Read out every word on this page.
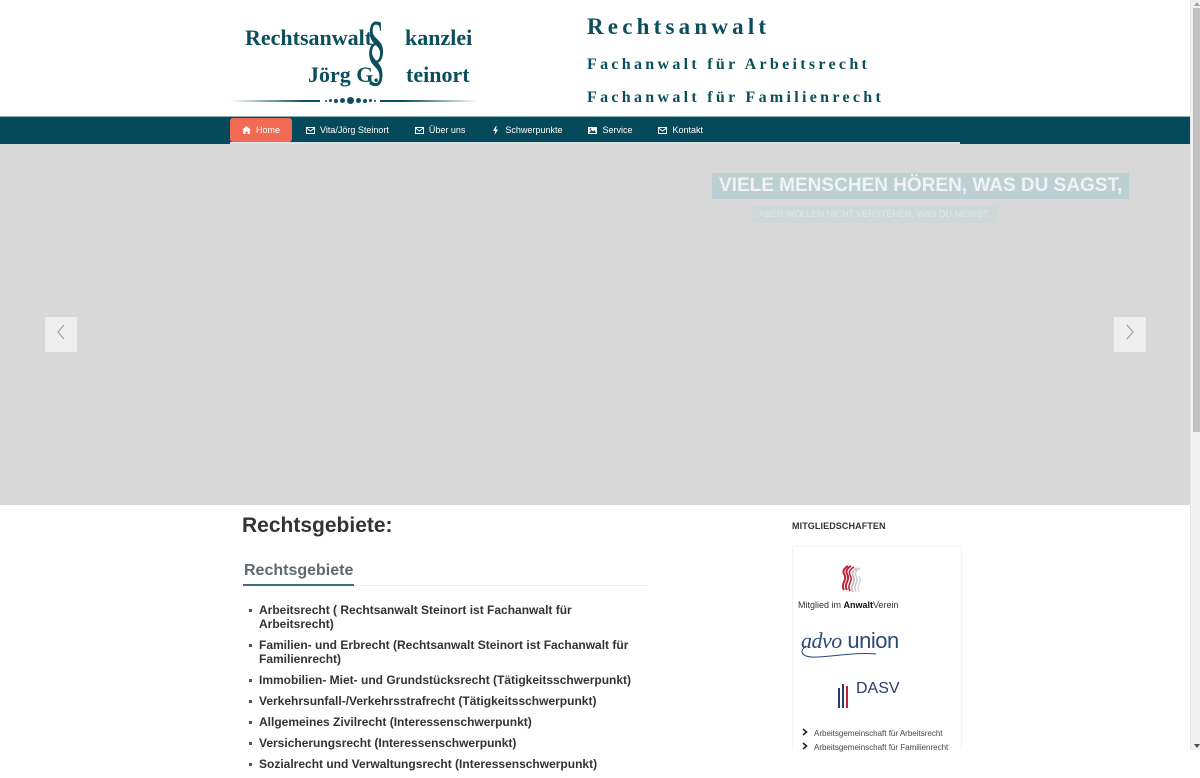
Rechtsanwalt kanzlei
§
Jörg G. teinort
Rechtsanwalt
Fachanwalt für Arbeitsrecht
Fachanwalt für Familienrecht
Home	Vita/Jörg Steinort	Über uns	Schwerpunkte	Service	Kontakt
VIELE MENSCHEN HÖREN, WAS DU SAGST,
ABER WOLLEN NICHT VERSTEHEN, WAS DU MEINST.
Rechtsgebiete:
Rechtsgebiete
Arbeitsrecht ( Rechtsanwalt Steinort ist Fachanwalt für Arbeitsrecht)
Familien- und Erbrecht (Rechtsanwalt Steinort ist Fachanwalt für Familienrecht)
Immobilien- Miet- und Grundstücksrecht (Tätigkeitsschwerpunkt)
Verkehrsunfall-/Verkehrsstrafrecht (Tätigkeitsschwerpunkt)
Allgemeines Zivilrecht (Interessenschwerpunkt)
Versicherungsrecht (Interessenschwerpunkt)
Sozialrecht und Verwaltungsrecht (Interessenschwerpunkt)
MITGLIEDSCHAFTEN
Mitglied im AnwaltVerein
advo union
DASV
Arbeitsgemeinschaft für Arbeitsrecht
Arbeitsgemeinschaft für Familienrecht
